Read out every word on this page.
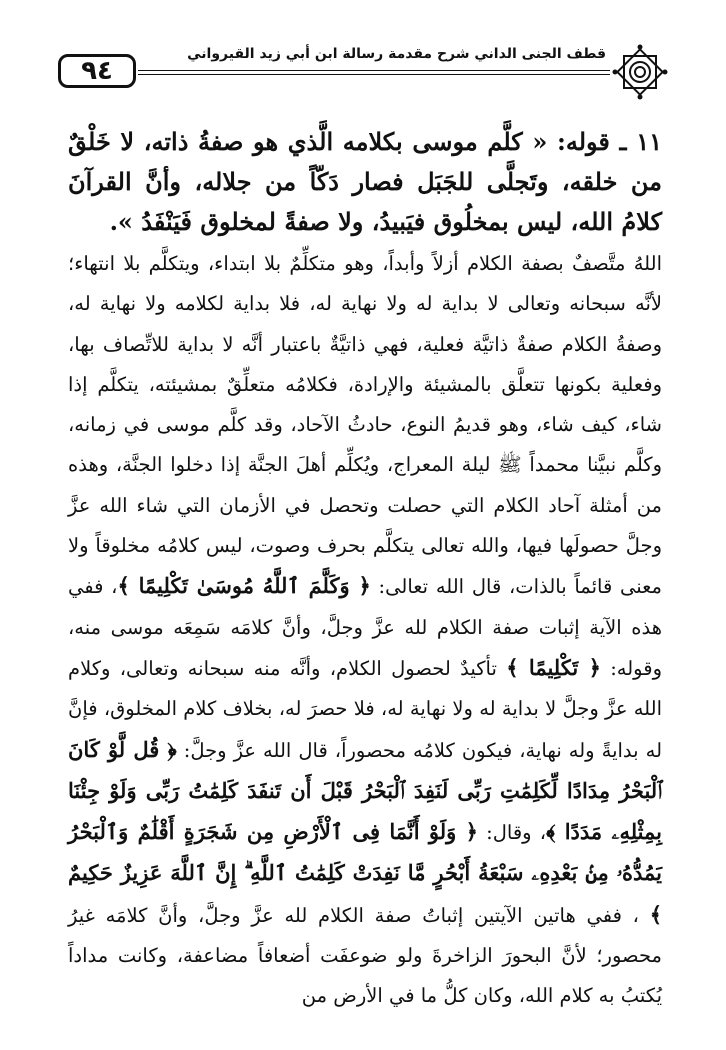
٩٤
قطف الجنى الداني شرح مقدمة رسالة ابن أبي زيد القيرواني

١١ ـ قوله: « كلَّم موسى بكلامه الَّذي هو صفةُ ذاته، لا خَلْقٌ من خلقه، وتَجلَّى للجَبَل فصار دَكّاً من جلاله، وأنَّ القرآنَ كلامُ الله، ليس بمخلُوق فيَبيدُ، ولا صفةً لمخلوق فَيَنْفَدُ ».

اللهُ متَّصفٌ بصفة الكلام أزلاً وأبداً، وهو متكلِّمٌ بلا ابتداء، ويتكلَّم بلا انتهاء؛ لأنَّه سبحانه وتعالى لا بداية له ولا نهاية له، فلا بداية لكلامه ولا نهاية له، وصفةُ الكلام صفةٌ ذاتيَّة فعلية، فهي ذاتيَّةٌ باعتبار أنَّه لا بداية للاتِّصاف بها، وفعلية بكونها تتعلَّق بالمشيئة والإرادة، فكلامُه متعلِّقٌ بمشيئته، يتكلَّم إذا شاء، كيف شاء، وهو قديمُ النوع، حادثُ الآحاد، وقد كلَّم موسى في زمانه، وكلَّم نبيَّنا محمداً ﷺ ليلة المعراج، ويُكلِّم أهلَ الجنَّة إذا دخلوا الجنَّة، وهذه من أمثلة آحاد الكلام التي حصلت وتحصل في الأزمان التي شاء الله عزَّ وجلَّ حصولَها فيها، والله تعالى يتكلَّم بحرف وصوت، ليس كلامُه مخلوقاً ولا معنى قائماً بالذات، قال الله تعالى: ﴿ وَكَلَّمَ ٱللَّهُ مُوسَىٰ تَكْلِيمًا ﴾، ففي هذه الآية إثبات صفة الكلام لله عزَّ وجلَّ، وأنَّ كلامَه سَمِعَه موسى منه، وقوله: ﴿ تَكْلِيمًا ﴾ تأكيدٌ لحصول الكلام، وأنَّه منه سبحانه وتعالى، وكلام الله عزَّ وجلَّ لا بداية له ولا نهاية له، فلا حصرَ له، بخلاف كلام المخلوق، فإنَّ له بدايةً وله نهاية، فيكون كلامُه محصوراً، قال الله عزَّ وجلَّ: ﴿ قُل لَّوْ كَانَ ٱلْبَحْرُ مِدَادًا لِّكَلِمَٰتِ رَبِّى لَنَفِدَ ٱلْبَحْرُ قَبْلَ أَن تَنفَدَ كَلِمَٰتُ رَبِّى وَلَوْ جِئْنَا بِمِثْلِهِۦ مَدَدًا ﴾، وقال: ﴿ وَلَوْ أَنَّمَا فِى ٱلْأَرْضِ مِن شَجَرَةٍ أَقْلَٰمٌ وَٱلْبَحْرُ يَمُدُّهُۥ مِنۢ بَعْدِهِۦ سَبْعَةُ أَبْحُرٍ مَّا نَفِدَتْ كَلِمَٰتُ ٱللَّهِ ۗ إِنَّ ٱللَّهَ عَزِيزٌ حَكِيمٌ ﴾ ، ففي هاتين الآيتين إثباتُ صفة الكلام لله عزَّ وجلَّ، وأنَّ كلامَه غيرُ محصور؛ لأنَّ البحورَ الزاخرةَ ولو ضوعفَت أضعافاً مضاعفة، وكانت مداداً يُكتبُ به كلام الله، وكان كلُّ ما في الأرض من
